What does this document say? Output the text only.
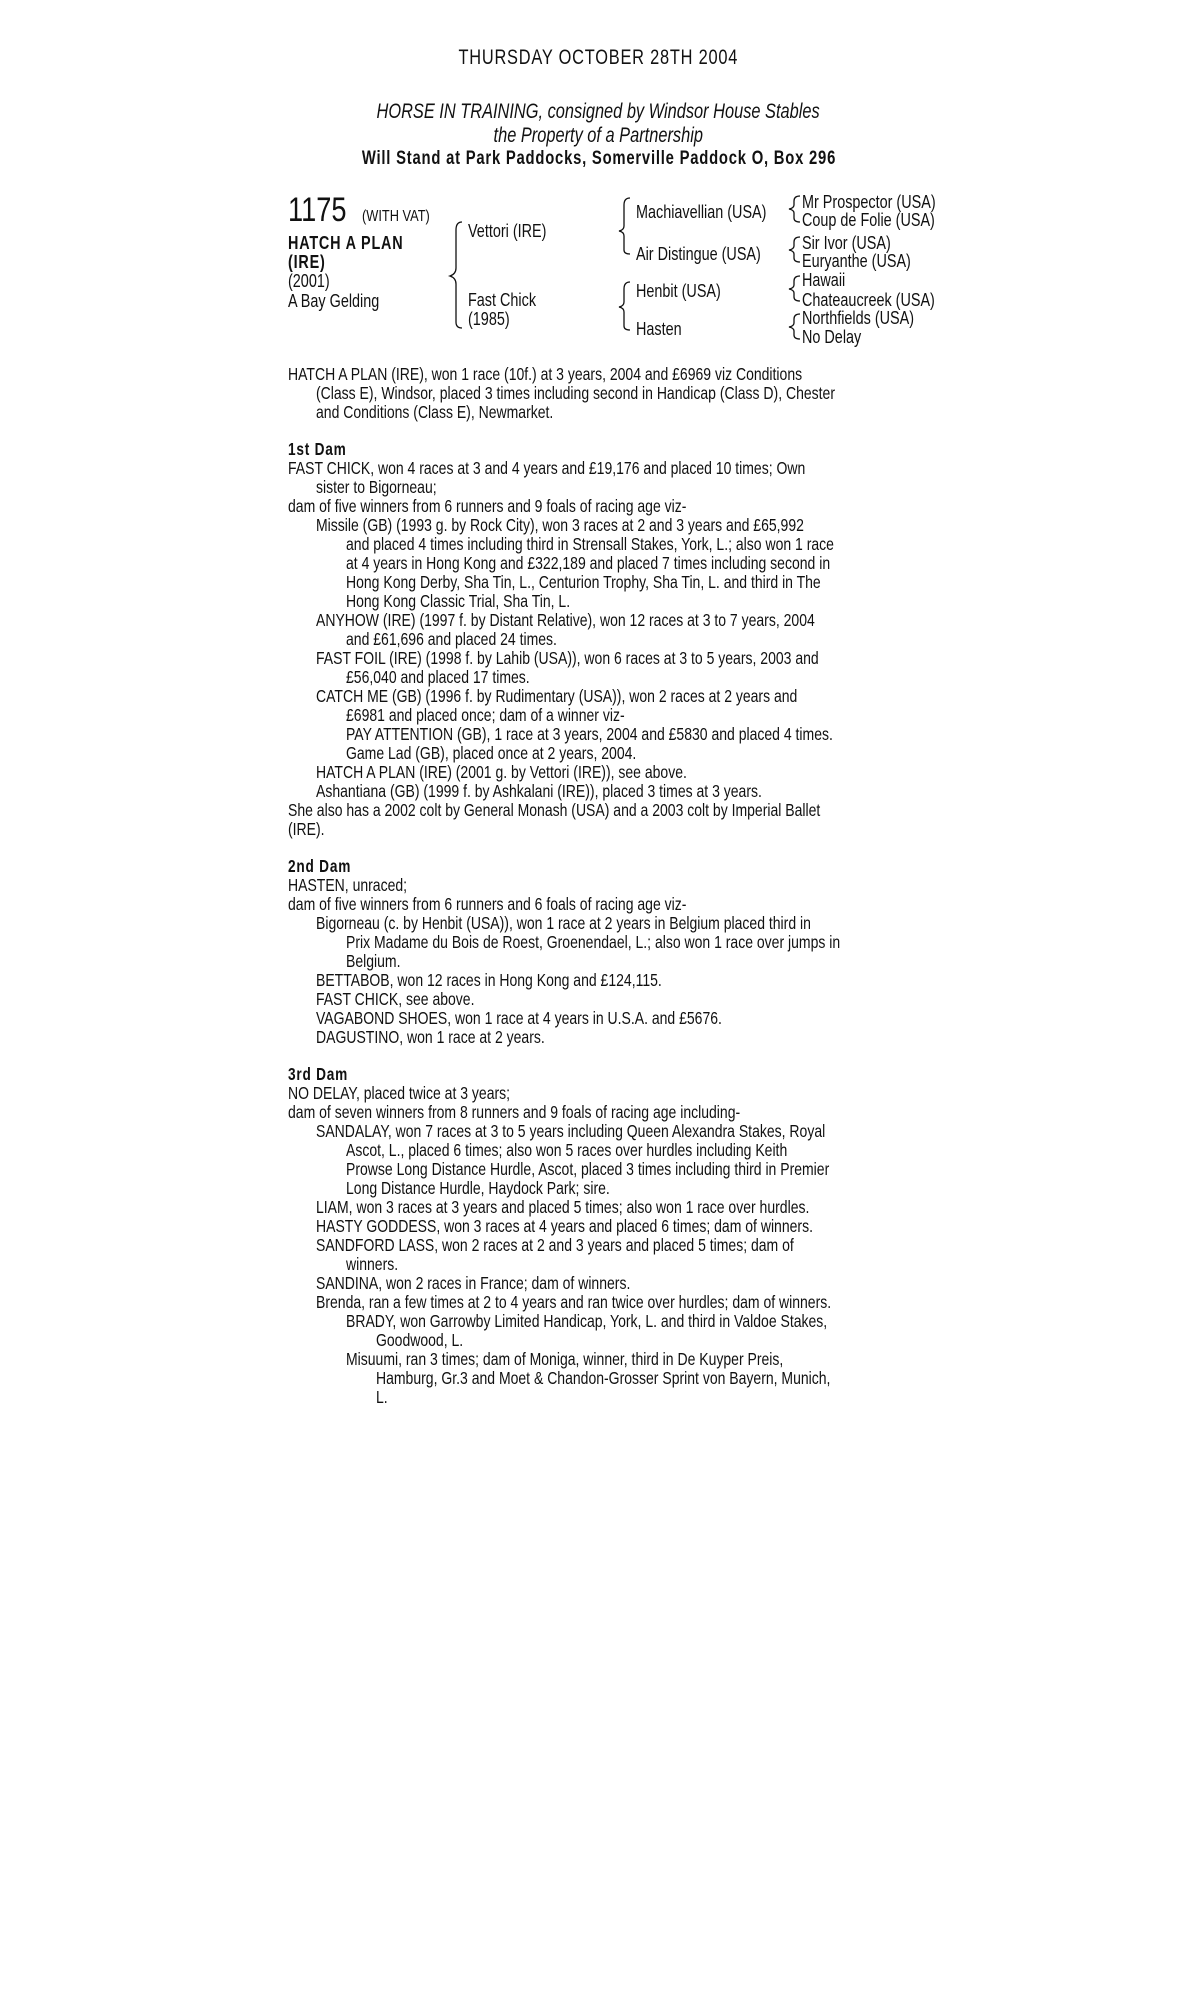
THURSDAY OCTOBER 28TH 2004
HORSE IN TRAINING, consigned by Windsor House Stables
the Property of a Partnership
Will Stand at Park Paddocks, Somerville Paddock O, Box 296
1175 (WITH VAT)
HATCH A PLAN
(IRE)
(2001)
A Bay Gelding
Vettori (IRE)
Fast Chick
(1985)
Machiavellian (USA)
Air Distingue (USA)
Henbit (USA)
Hasten
Mr Prospector (USA)
Coup de Folie (USA)
Sir Ivor (USA)
Euryanthe (USA)
Hawaii
Chateaucreek (USA)
Northfields (USA)
No Delay
HATCH A PLAN (IRE), won 1 race (10f.) at 3 years, 2004 and £6969 viz Conditions
(Class E), Windsor, placed 3 times including second in Handicap (Class D), Chester
and Conditions (Class E), Newmarket.
1st Dam
FAST CHICK, won 4 races at 3 and 4 years and £19,176 and placed 10 times; Own
sister to Bigorneau;
dam of five winners from 6 runners and 9 foals of racing age viz-
Missile (GB) (1993 g. by Rock City), won 3 races at 2 and 3 years and £65,992
and placed 4 times including third in Strensall Stakes, York, L.; also won 1 race
at 4 years in Hong Kong and £322,189 and placed 7 times including second in
Hong Kong Derby, Sha Tin, L., Centurion Trophy, Sha Tin, L. and third in The
Hong Kong Classic Trial, Sha Tin, L.
ANYHOW (IRE) (1997 f. by Distant Relative), won 12 races at 3 to 7 years, 2004
and £61,696 and placed 24 times.
FAST FOIL (IRE) (1998 f. by Lahib (USA)), won 6 races at 3 to 5 years, 2003 and
£56,040 and placed 17 times.
CATCH ME (GB) (1996 f. by Rudimentary (USA)), won 2 races at 2 years and
£6981 and placed once; dam of a winner viz-
PAY ATTENTION (GB), 1 race at 3 years, 2004 and £5830 and placed 4 times.
Game Lad (GB), placed once at 2 years, 2004.
HATCH A PLAN (IRE) (2001 g. by Vettori (IRE)), see above.
Ashantiana (GB) (1999 f. by Ashkalani (IRE)), placed 3 times at 3 years.
She also has a 2002 colt by General Monash (USA) and a 2003 colt by Imperial Ballet
(IRE).
2nd Dam
HASTEN, unraced;
dam of five winners from 6 runners and 6 foals of racing age viz-
Bigorneau (c. by Henbit (USA)), won 1 race at 2 years in Belgium placed third in
Prix Madame du Bois de Roest, Groenendael, L.; also won 1 race over jumps in
Belgium.
BETTABOB, won 12 races in Hong Kong and £124,115.
FAST CHICK, see above.
VAGABOND SHOES, won 1 race at 4 years in U.S.A. and £5676.
DAGUSTINO, won 1 race at 2 years.
3rd Dam
NO DELAY, placed twice at 3 years;
dam of seven winners from 8 runners and 9 foals of racing age including-
SANDALAY, won 7 races at 3 to 5 years including Queen Alexandra Stakes, Royal
Ascot, L., placed 6 times; also won 5 races over hurdles including Keith
Prowse Long Distance Hurdle, Ascot, placed 3 times including third in Premier
Long Distance Hurdle, Haydock Park; sire.
LIAM, won 3 races at 3 years and placed 5 times; also won 1 race over hurdles.
HASTY GODDESS, won 3 races at 4 years and placed 6 times; dam of winners.
SANDFORD LASS, won 2 races at 2 and 3 years and placed 5 times; dam of
winners.
SANDINA, won 2 races in France; dam of winners.
Brenda, ran a few times at 2 to 4 years and ran twice over hurdles; dam of winners.
BRADY, won Garrowby Limited Handicap, York, L. and third in Valdoe Stakes,
Goodwood, L.
Misuumi, ran 3 times; dam of Moniga, winner, third in De Kuyper Preis,
Hamburg, Gr.3 and Moet & Chandon-Grosser Sprint von Bayern, Munich,
L.
